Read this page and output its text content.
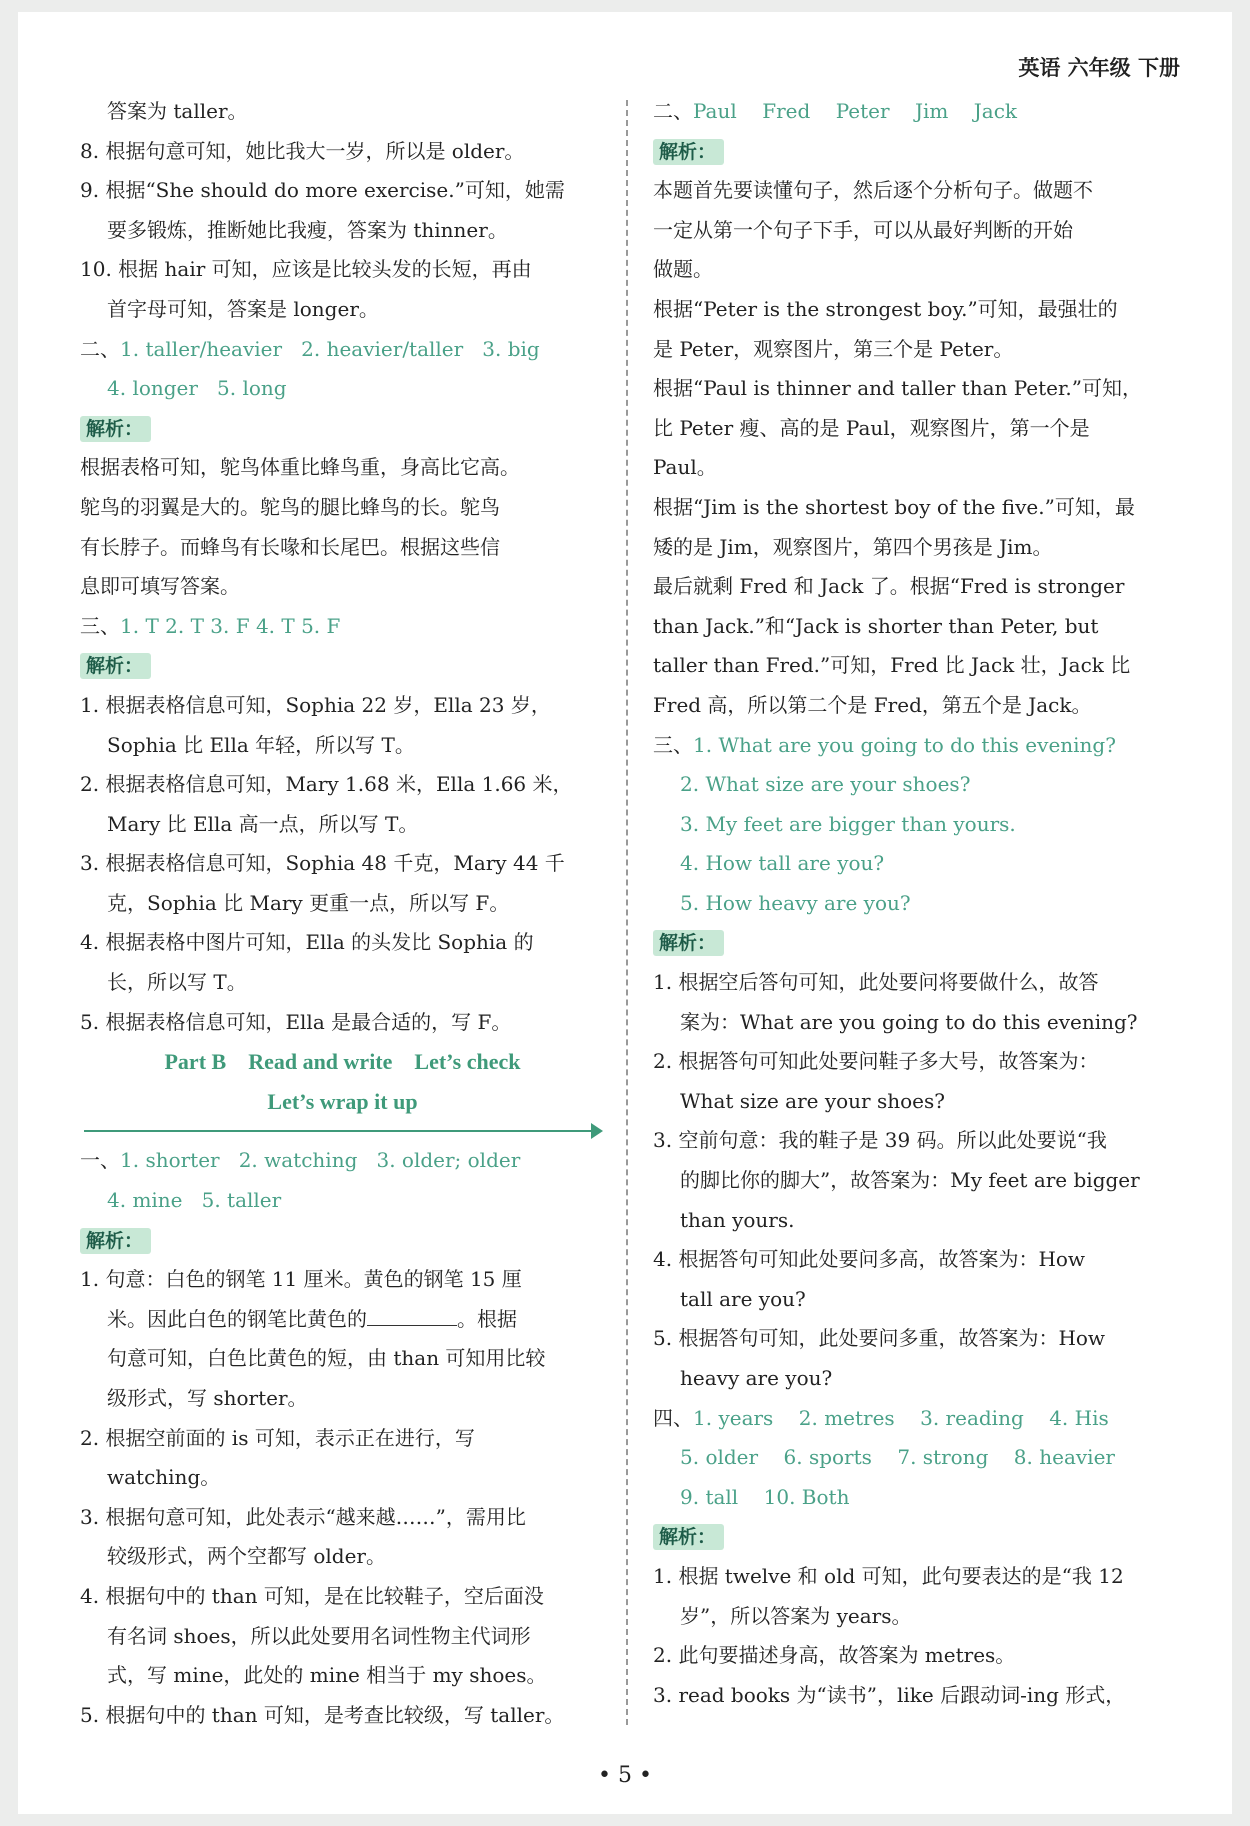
英语 六年级 下册
答案为 taller。
8. 根据句意可知，她比我大一岁，所以是 older。
9. 根据“She should do more exercise.”可知，她需
要多锻炼，推断她比我瘦，答案为 thinner。
10. 根据 hair 可知，应该是比较头发的长短，再由
首字母可知，答案是 longer。
二、1. taller/heavier 2. heavier/taller 3. big
4. longer 5. long
解析：
根据表格可知，鸵鸟体重比蜂鸟重，身高比它高。
鸵鸟的羽翼是大的。鸵鸟的腿比蜂鸟的长。鸵鸟
有长脖子。而蜂鸟有长喙和长尾巴。根据这些信
息即可填写答案。
三、1. T 2. T 3. F 4. T 5. F
解析：
1. 根据表格信息可知，Sophia 22 岁，Ella 23 岁，
Sophia 比 Ella 年轻，所以写 T。
2. 根据表格信息可知，Mary 1.68 米，Ella 1.66 米，
Mary 比 Ella 高一点，所以写 T。
3. 根据表格信息可知，Sophia 48 千克，Mary 44 千
克，Sophia 比 Mary 更重一点，所以写 F。
4. 根据表格中图片可知，Ella 的头发比 Sophia 的
长，所以写 T。
5. 根据表格信息可知，Ella 是最合适的，写 F。
Part B    Read and write    Let’s check
Let’s wrap it up
一、1. shorter 2. watching 3. older; older
4. mine 5. taller
解析：
1. 句意：白色的钢笔 11 厘米。黄色的钢笔 15 厘
米。因此白色的钢笔比黄色的	。根据
句意可知，白色比黄色的短，由 than 可知用比较
级形式，写 shorter。
2. 根据空前面的 is 可知，表示正在进行，写
watching。
3. 根据句意可知，此处表示“越来越……”，需用比
较级形式，两个空都写 older。
4. 根据句中的 than 可知，是在比较鞋子，空后面没
有名词 shoes，所以此处要用名词性物主代词形
式，写 mine，此处的 mine 相当于 my shoes。
5. 根据句中的 than 可知，是考查比较级，写 taller。
二、Paul    Fred    Peter    Jim    Jack
解析：
本题首先要读懂句子，然后逐个分析句子。做题不
一定从第一个句子下手，可以从最好判断的开始
做题。
根据“Peter is the strongest boy.”可知，最强壮的
是 Peter，观察图片，第三个是 Peter。
根据“Paul is thinner and taller than Peter.”可知，
比 Peter 瘦、高的是 Paul，观察图片，第一个是
Paul。
根据“Jim is the shortest boy of the five.”可知，最
矮的是 Jim，观察图片，第四个男孩是 Jim。
最后就剩 Fred 和 Jack 了。根据“Fred is stronger
than Jack.”和“Jack is shorter than Peter, but
taller than Fred.”可知，Fred 比 Jack 壮，Jack 比
Fred 高，所以第二个是 Fred，第五个是 Jack。
三、1. What are you going to do this evening?
2. What size are your shoes?
3. My feet are bigger than yours.
4. How tall are you?
5. How heavy are you?
解析：
1. 根据空后答句可知，此处要问将要做什么，故答
案为：What are you going to do this evening?
2. 根据答句可知此处要问鞋子多大号，故答案为：
What size are your shoes?
3. 空前句意：我的鞋子是 39 码。所以此处要说“我
的脚比你的脚大”，故答案为：My feet are bigger
than yours.
4. 根据答句可知此处要问多高，故答案为：How
tall are you?
5. 根据答句可知，此处要问多重，故答案为：How
heavy are you?
四、1. years    2. metres    3. reading    4. His
5. older    6. sports    7. strong    8. heavier
9. tall    10. Both
解析：
1. 根据 twelve 和 old 可知，此句要表达的是“我 12
岁”，所以答案为 years。
2. 此句要描述身高，故答案为 metres。
3. read books 为“读书”，like 后跟动词-ing 形式，
• 5 •
